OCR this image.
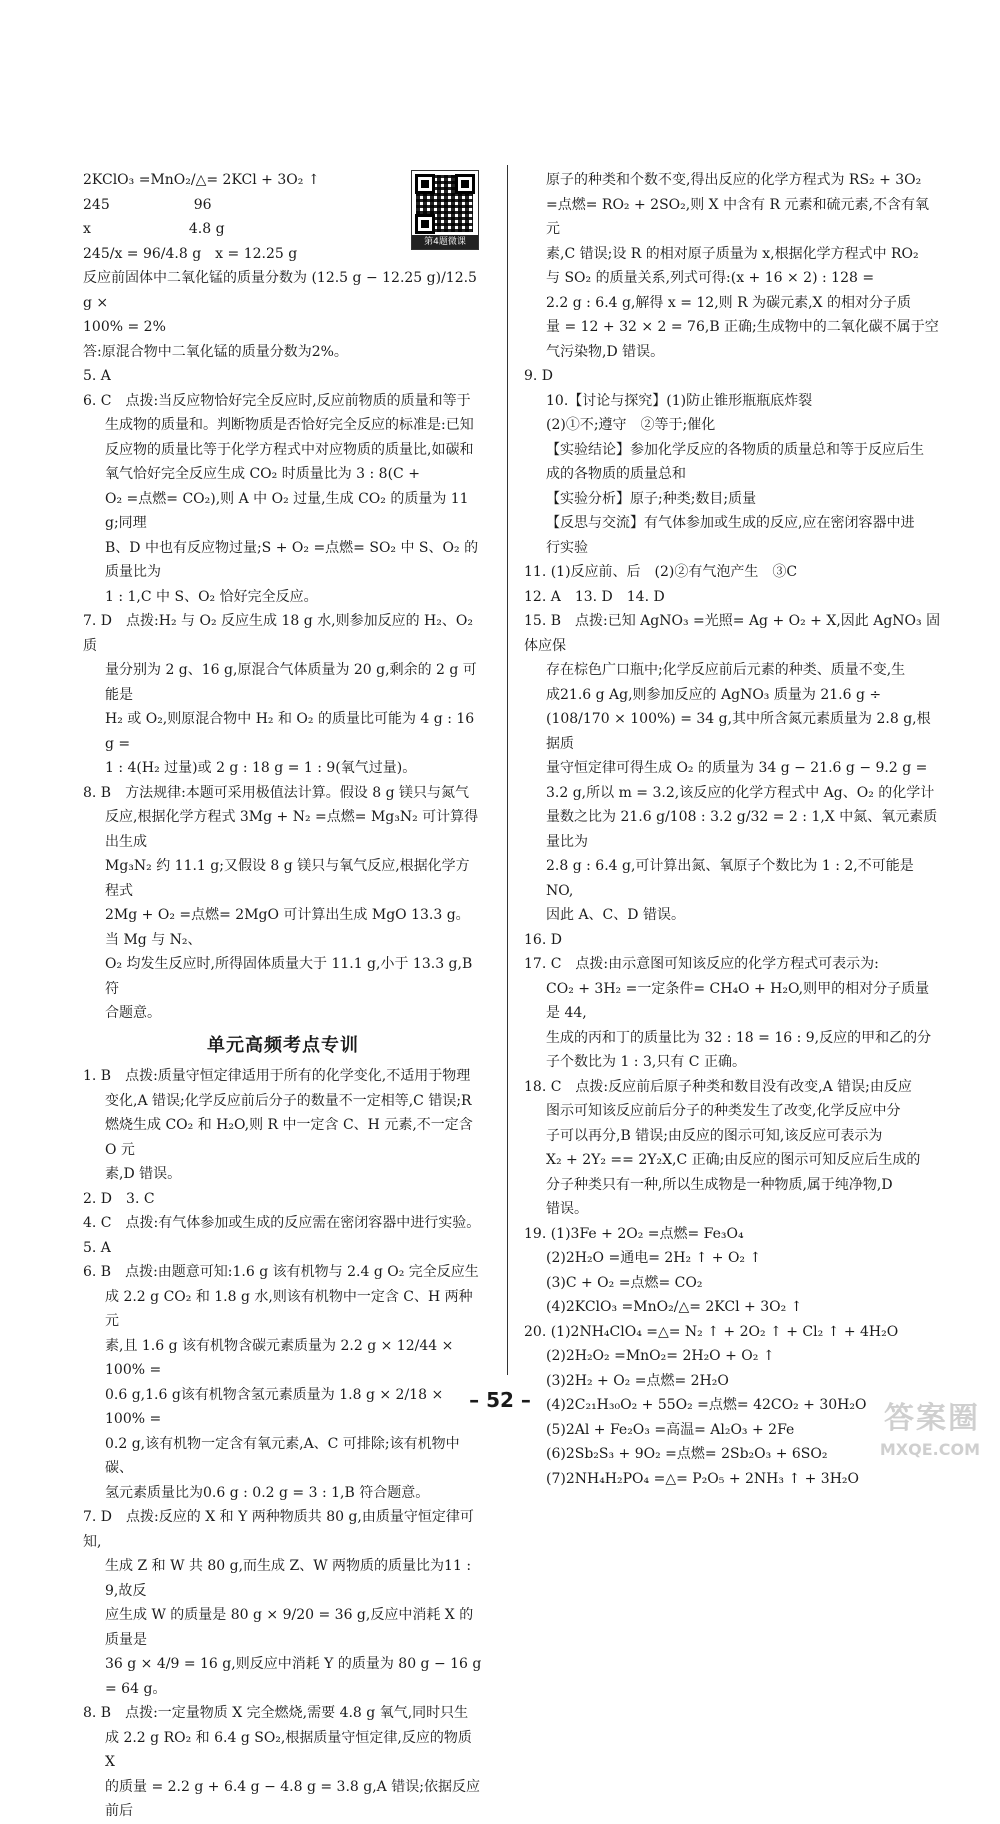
第4题微课

2KClO₃ =MnO₂/△= 2KCl + 3O₂ ↑

245　　　　　　96

x　　　　　　　4.8 g

245/x = 96/4.8 g　x = 12.25 g

反应前固体中二氧化锰的质量分数为 (12.5 g − 12.25 g)/12.5 g ×

100% = 2%

答:原混合物中二氧化锰的质量分数为2%。

5. A

6. C　点拨:当反应物恰好完全反应时,反应前物质的质量和等于

生成物的质量和。判断物质是否恰好完全反应的标准是:已知

反应物的质量比等于化学方程式中对应物质的质量比,如碳和

氧气恰好完全反应生成 CO₂ 时质量比为 3 : 8(C +

O₂ =点燃= CO₂),则 A 中 O₂ 过量,生成 CO₂ 的质量为 11 g;同理

B、D 中也有反应物过量;S + O₂ =点燃= SO₂ 中 S、O₂ 的质量比为

1 : 1,C 中 S、O₂ 恰好完全反应。

7. D　点拨:H₂ 与 O₂ 反应生成 18 g 水,则参加反应的 H₂、O₂ 质

量分别为 2 g、16 g,原混合气体质量为 20 g,剩余的 2 g 可能是

H₂ 或 O₂,则原混合物中 H₂ 和 O₂ 的质量比可能为 4 g : 16 g =

1 : 4(H₂ 过量)或 2 g : 18 g = 1 : 9(氧气过量)。

8. B　方法规律:本题可采用极值法计算。假设 8 g 镁只与氮气

反应,根据化学方程式 3Mg + N₂ =点燃= Mg₃N₂ 可计算得出生成

Mg₃N₂ 约 11.1 g;又假设 8 g 镁只与氧气反应,根据化学方程式

2Mg + O₂ =点燃= 2MgO 可计算出生成 MgO 13.3 g。当 Mg 与 N₂、

O₂ 均发生反应时,所得固体质量大于 11.1 g,小于 13.3 g,B 符

合题意。

单元高频考点专训

1. B　点拨:质量守恒定律适用于所有的化学变化,不适用于物理

变化,A 错误;化学反应前后分子的数量不一定相等,C 错误;R

燃烧生成 CO₂ 和 H₂O,则 R 中一定含 C、H 元素,不一定含 O 元

素,D 错误。

2. D　3. C

4. C　点拨:有气体参加或生成的反应需在密闭容器中进行实验。

5. A

6. B　点拨:由题意可知:1.6 g 该有机物与 2.4 g O₂ 完全反应生

成 2.2 g CO₂ 和 1.8 g 水,则该有机物中一定含 C、H 两种元

素,且 1.6 g 该有机物含碳元素质量为 2.2 g × 12/44 × 100% =

0.6 g,1.6 g该有机物含氢元素质量为 1.8 g × 2/18 × 100% =

0.2 g,该有机物一定含有氧元素,A、C 可排除;该有机物中碳、

氢元素质量比为0.6 g : 0.2 g = 3 : 1,B 符合题意。

7. D　点拨:反应的 X 和 Y 两种物质共 80 g,由质量守恒定律可知,

生成 Z 和 W 共 80 g,而生成 Z、W 两物质的质量比为11 : 9,故反

应生成 W 的质量是 80 g × 9/20 = 36 g,反应中消耗 X 的质量是

36 g × 4/9 = 16 g,则反应中消耗 Y 的质量为 80 g − 16 g = 64 g。

8. B　点拨:一定量物质 X 完全燃烧,需要 4.8 g 氧气,同时只生

成 2.2 g RO₂ 和 6.4 g SO₂,根据质量守恒定律,反应的物质 X

的质量 = 2.2 g + 6.4 g − 4.8 g = 3.8 g,A 错误;依据反应前后

原子的种类和个数不变,得出反应的化学方程式为 RS₂ + 3O₂

=点燃= RO₂ + 2SO₂,则 X 中含有 R 元素和硫元素,不含有氧元

素,C 错误;设 R 的相对原子质量为 x,根据化学方程式中 RO₂

与 SO₂ 的质量关系,列式可得:(x + 16 × 2) : 128 =

2.2 g : 6.4 g,解得 x = 12,则 R 为碳元素,X 的相对分子质

量 = 12 + 32 × 2 = 76,B 正确;生成物中的二氧化碳不属于空

气污染物,D 错误。

9. D

10.【讨论与探究】(1)防止锥形瓶瓶底炸裂

(2)①不;遵守　②等于;催化

【实验结论】参加化学反应的各物质的质量总和等于反应后生

成的各物质的质量总和

【实验分析】原子;种类;数目;质量

【反思与交流】有气体参加或生成的反应,应在密闭容器中进

行实验

11. (1)反应前、后　(2)②有气泡产生　③C

12. A　13. D　14. D

15. B　点拨:已知 AgNO₃ =光照= Ag + O₂ + X,因此 AgNO₃ 固体应保

存在棕色广口瓶中;化学反应前后元素的种类、质量不变,生

成21.6 g Ag,则参加反应的 AgNO₃ 质量为 21.6 g ÷

(108/170 × 100%) = 34 g,其中所含氮元素质量为 2.8 g,根据质

量守恒定律可得生成 O₂ 的质量为 34 g − 21.6 g − 9.2 g =

3.2 g,所以 m = 3.2,该反应的化学方程式中 Ag、O₂ 的化学计

量数之比为 21.6 g/108 : 3.2 g/32 = 2 : 1,X 中氮、氧元素质量比为

2.8 g : 6.4 g,可计算出氮、氧原子个数比为 1 : 2,不可能是 NO,

因此 A、C、D 错误。

16. D

17. C　点拨:由示意图可知该反应的化学方程式可表示为:

CO₂ + 3H₂ =一定条件= CH₄O + H₂O,则甲的相对分子质量是 44,

生成的丙和丁的质量比为 32 : 18 = 16 : 9,反应的甲和乙的分

子个数比为 1 : 3,只有 C 正确。

18. C　点拨:反应前后原子种类和数目没有改变,A 错误;由反应

图示可知该反应前后分子的种类发生了改变,化学反应中分

子可以再分,B 错误;由反应的图示可知,该反应可表示为

X₂ + 2Y₂ == 2Y₂X,C 正确;由反应的图示可知反应后生成的

分子种类只有一种,所以生成物是一种物质,属于纯净物,D

错误。

19. (1)3Fe + 2O₂ =点燃= Fe₃O₄

(2)2H₂O =通电= 2H₂ ↑ + O₂ ↑

(3)C + O₂ =点燃= CO₂

(4)2KClO₃ =MnO₂/△= 2KCl + 3O₂ ↑

20. (1)2NH₄ClO₄ =△= N₂ ↑ + 2O₂ ↑ + Cl₂ ↑ + 4H₂O

(2)2H₂O₂ =MnO₂= 2H₂O + O₂ ↑

(3)2H₂ + O₂ =点燃= 2H₂O

(4)2C₂₁H₃₀O₂ + 55O₂ =点燃= 42CO₂ + 30H₂O

(5)2Al + Fe₂O₃ =高温= Al₂O₃ + 2Fe

(6)2Sb₂S₃ + 9O₂ =点燃= 2Sb₂O₃ + 6SO₂

(7)2NH₄H₂PO₄ =△= P₂O₅ + 2NH₃ ↑ + 3H₂O

– 52 –
答案圈
MXQE.COM
